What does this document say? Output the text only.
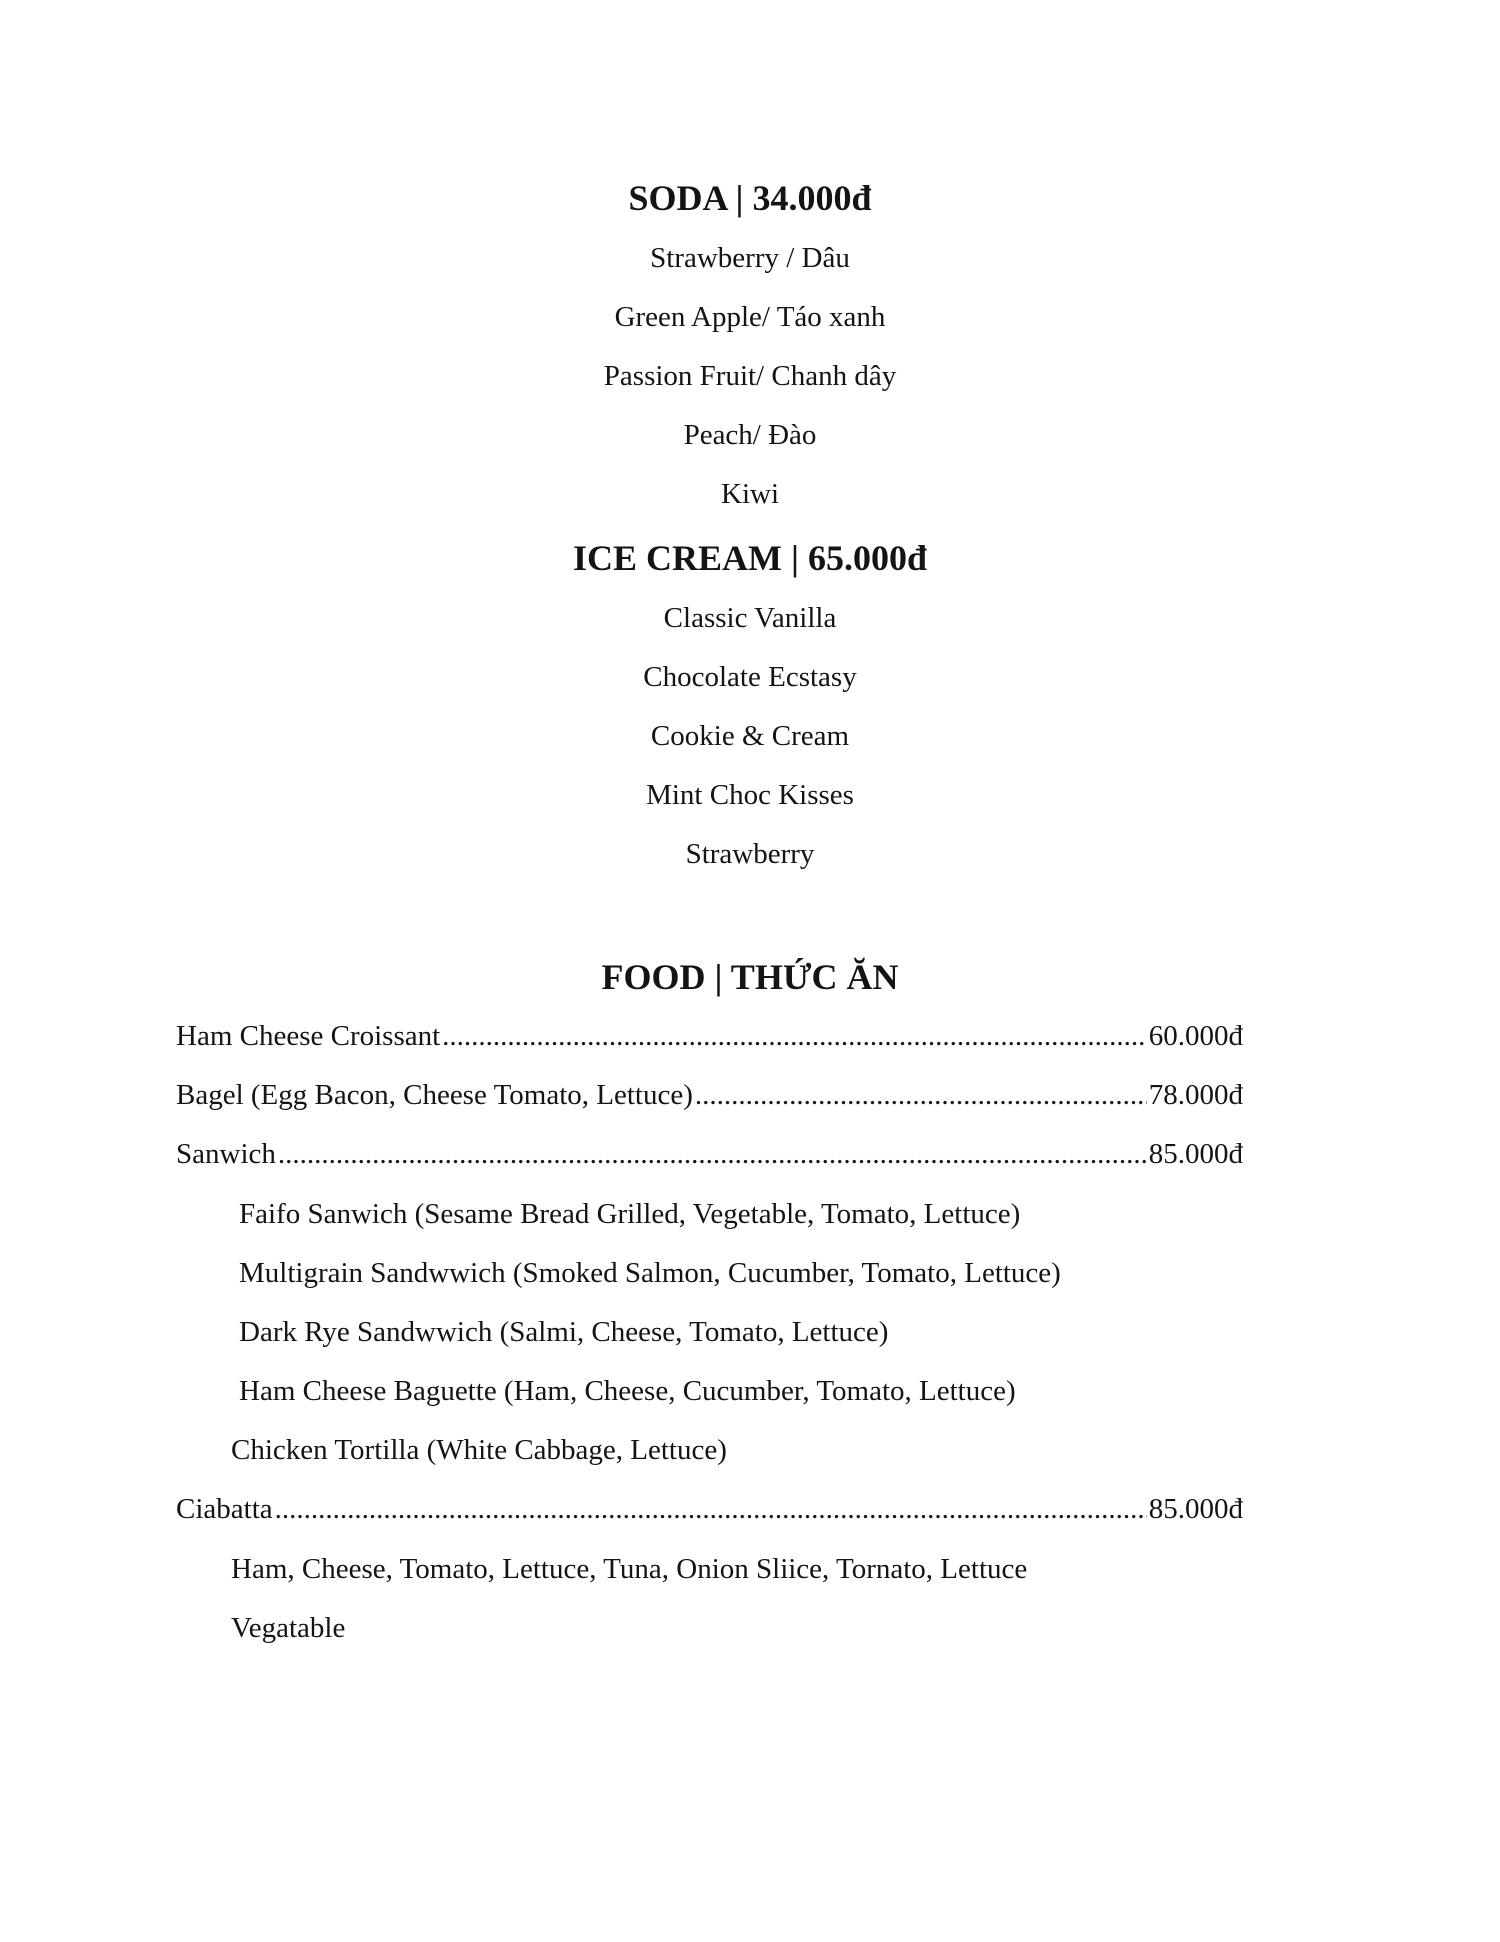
SODA | 34.000đ
Strawberry / Dâu
Green Apple/ Táo xanh
Passion Fruit/ Chanh dây
Peach/ Đào
Kiwi
ICE CREAM | 65.000đ
Classic Vanilla
Chocolate Ecstasy
Cookie & Cream
Mint Choc Kisses
Strawberry
FOOD | THỨC ĂN
Ham Cheese Croissant .....	60.000đ
Bagel (Egg Bacon, Cheese Tomato, Lettuce) .....	78.000đ
Sanwich .....	85.000đ
Faifo Sanwich (Sesame Bread Grilled, Vegetable, Tomato, Lettuce)
Multigrain Sandwwich (Smoked Salmon, Cucumber, Tomato, Lettuce)
Dark Rye Sandwwich (Salmi, Cheese, Tomato, Lettuce)
Ham Cheese Baguette (Ham, Cheese, Cucumber, Tomato, Lettuce)
Chicken Tortilla (White Cabbage, Lettuce)
Ciabatta .....	85.000đ
Ham, Cheese, Tomato, Lettuce, Tuna, Onion Sliice, Tornato, Lettuce
Vegatable
